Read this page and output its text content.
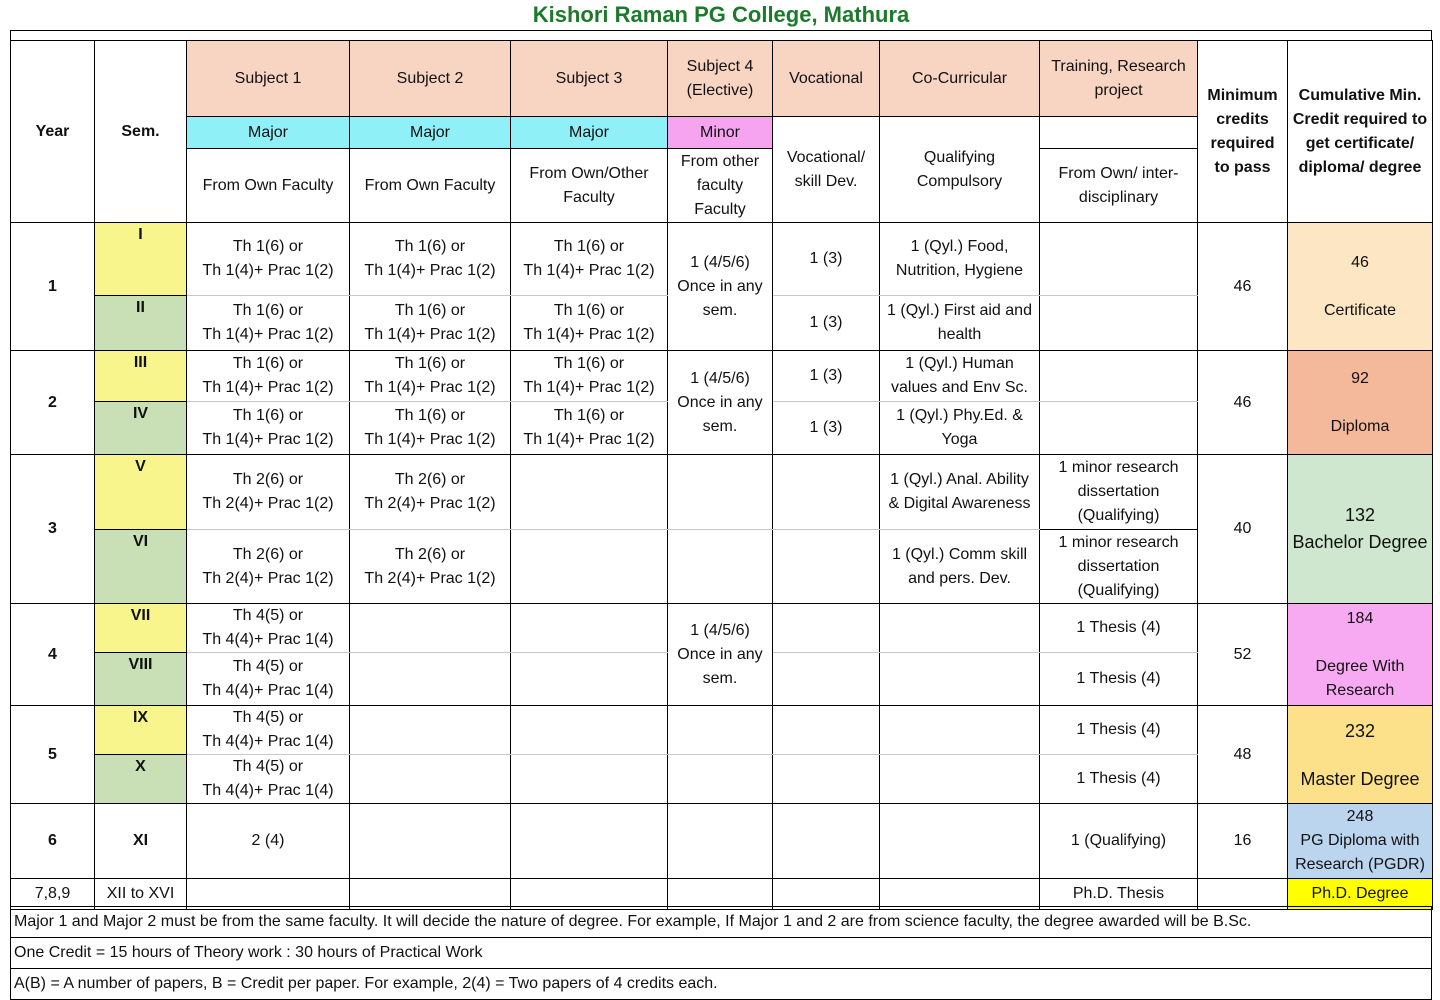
Kishori Raman PG College, Mathura
Year	Sem.	Subject 1	Subject 2	Subject 3	Subject 4 (Elective)	Vocational	Co-Curricular	Training, Research project	Minimum credits required to pass	Cumulative Min. Credit required to get certificate/ diploma/ degree
		Major	Major	Major	Minor	Vocational/ skill Dev.	Qualifying Compulsory			
		From Own Faculty	From Own Faculty	From Own/Other Faculty	From other faculty Faculty			From Own/ inter-disciplinary		
1	I	Th 1(6) or
Th 1(4)+ Prac 1(2)	Th 1(6) or
Th 1(4)+ Prac 1(2)	Th 1(6) or
Th 1(4)+ Prac 1(2)	1 (4/5/6) Once in any sem.	1 (3)	1 (Qyl.) Food, Nutrition, Hygiene		46	46
Certificate

	II	Th 1(6) or
Th 1(4)+ Prac 1(2)	Th 1(6) or
Th 1(4)+ Prac 1(2)	Th 1(6) or
Th 1(4)+ Prac 1(2)		1 (3)	1 (Qyl.) First aid and health			
2	III	Th 1(6) or
Th 1(4)+ Prac 1(2)	Th 1(6) or
Th 1(4)+ Prac 1(2)	Th 1(6) or
Th 1(4)+ Prac 1(2)	1 (4/5/6) Once in any sem.	1 (3)	1 (Qyl.) Human values and Env Sc.		46	92
Diploma

	IV	Th 1(6) or
Th 1(4)+ Prac 1(2)	Th 1(6) or
Th 1(4)+ Prac 1(2)	Th 1(6) or
Th 1(4)+ Prac 1(2)		1 (3)	1 (Qyl.) Phy.Ed. & Yoga			
3	V	Th 2(6) or
Th 2(4)+ Prac 1(2)	Th 2(6) or
Th 2(4)+ Prac 1(2)				1 (Qyl.) Anal. Ability & Digital Awareness	1 minor research dissertation (Qualifying)	40	132
Bachelor Degree

	VI	Th 2(6) or
Th 2(4)+ Prac 1(2)	Th 2(6) or
Th 2(4)+ Prac 1(2)				1 (Qyl.) Comm skill and pers. Dev.	1 minor research dissertation (Qualifying)		
4	VII	Th 4(5) or
Th 4(4)+ Prac 1(4)			1 (4/5/6) Once in any sem.			1 Thesis (4)	52	184
Degree With Research

	VIII	Th 4(5) or
Th 4(4)+ Prac 1(4)						1 Thesis (4)		
5	IX	Th 4(5) or
Th 4(4)+ Prac 1(4)						1 Thesis (4)	48	232
Master Degree

	X	Th 4(5) or
Th 4(4)+ Prac 1(4)						1 Thesis (4)		
6	XI	2 (4)						1 (Qualifying)	16	248
PG Diploma with Research (PGDR)

7,8,9	XII to XVI							Ph.D. Thesis		Ph.D. Degree
Major 1 and Major 2 must be from the same faculty. It will decide the nature of degree. For example, If Major 1 and 2 are from science faculty, the degree awarded will be B.Sc.
One Credit = 15 hours of Theory work : 30 hours of Practical Work
A(B) = A number of papers, B = Credit per paper. For example, 2(4) = Two papers of 4 credits each.
